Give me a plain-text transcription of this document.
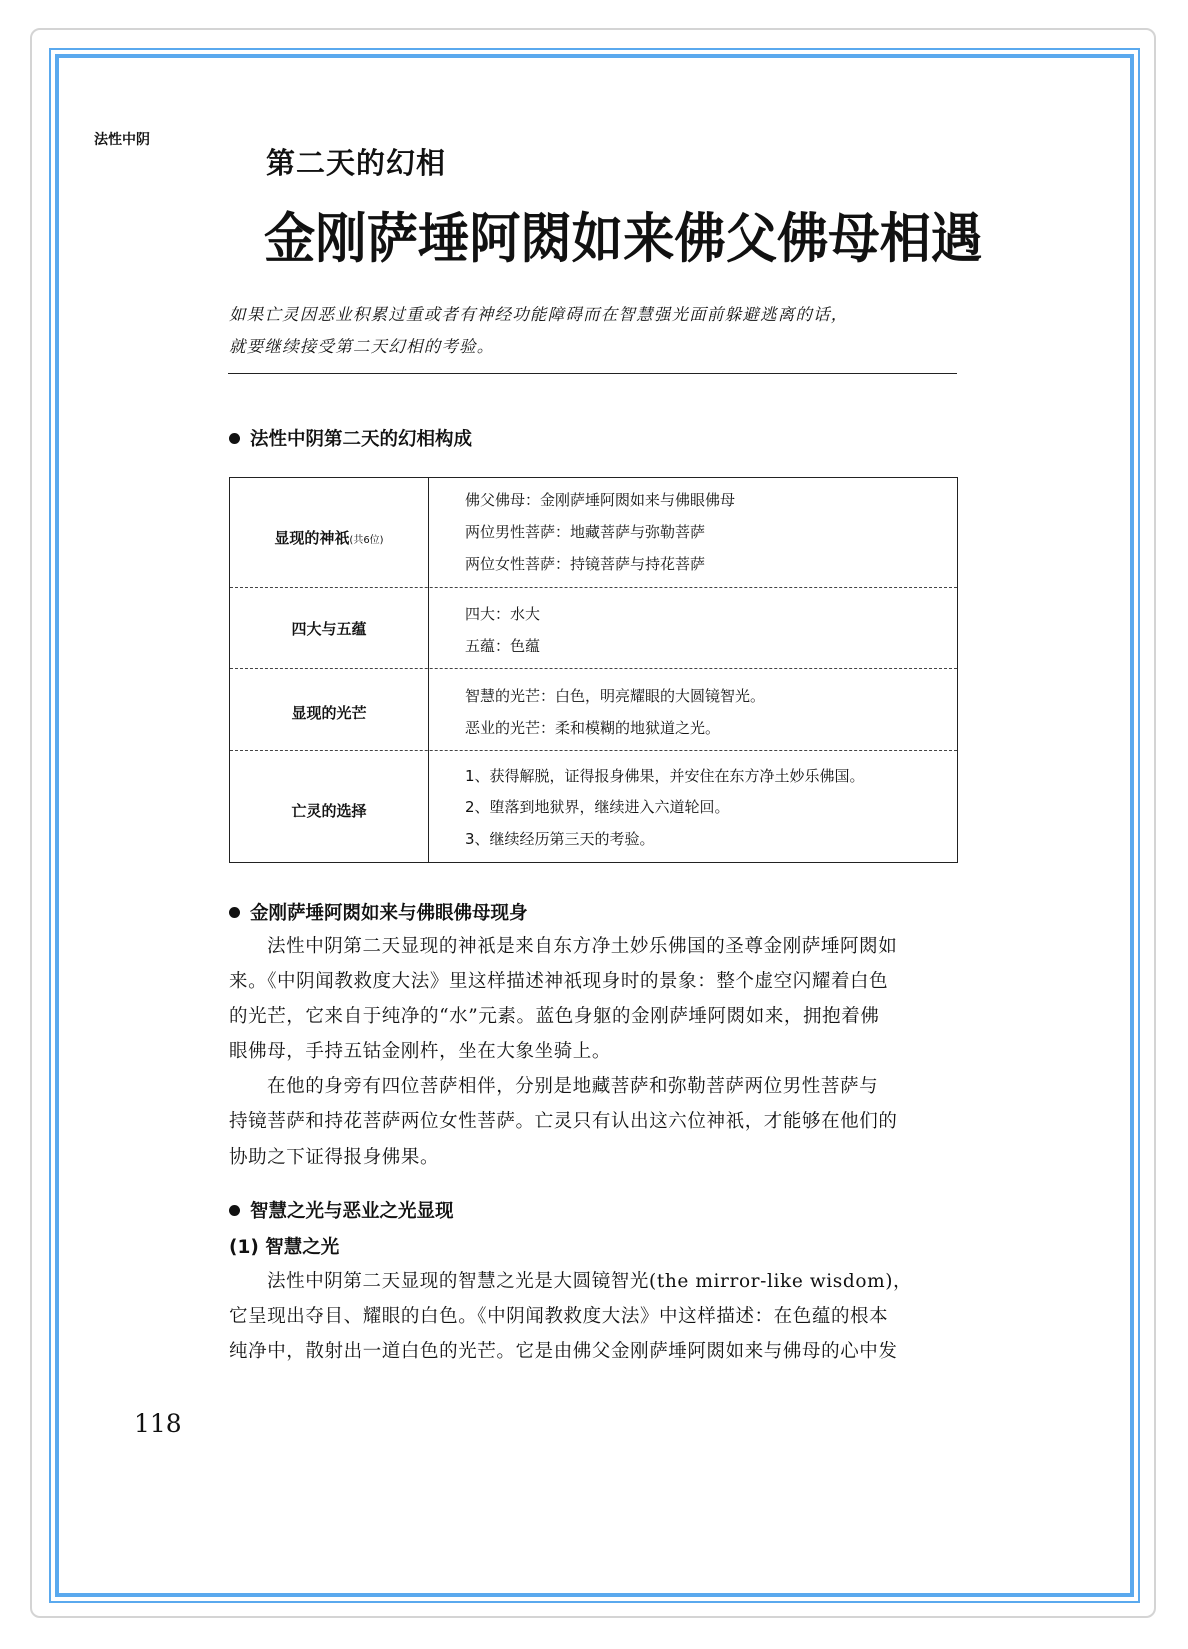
法性中阴
第二天的幻相
金刚萨埵阿閦如来佛父佛母相遇
如果亡灵因恶业积累过重或者有神经功能障碍而在智慧强光面前躲避逃离的话，
就要继续接受第二天幻相的考验。
法性中阴第二天的幻相构成
显现的神祇(共6位)
佛父佛母：金刚萨埵阿閦如来与佛眼佛母
两位男性菩萨：地藏菩萨与弥勒菩萨
两位女性菩萨：持镜菩萨与持花菩萨
四大与五蕴
四大：水大
五蕴：色蕴
显现的光芒
智慧的光芒：白色，明亮耀眼的大圆镜智光。
恶业的光芒：柔和模糊的地狱道之光。
亡灵的选择
1、获得解脱，证得报身佛果，并安住在东方净土妙乐佛国。
2、堕落到地狱界，继续进入六道轮回。
3、继续经历第三天的考验。
金刚萨埵阿閦如来与佛眼佛母现身
法性中阴第二天显现的神祇是来自东方净土妙乐佛国的圣尊金刚萨埵阿閦如
来。《中阴闻教救度大法》里这样描述神祇现身时的景象：整个虚空闪耀着白色
的光芒，它来自于纯净的“水”元素。蓝色身躯的金刚萨埵阿閦如来，拥抱着佛
眼佛母，手持五钴金刚杵，坐在大象坐骑上。
在他的身旁有四位菩萨相伴，分别是地藏菩萨和弥勒菩萨两位男性菩萨与
持镜菩萨和持花菩萨两位女性菩萨。亡灵只有认出这六位神祇，才能够在他们的
协助之下证得报身佛果。
智慧之光与恶业之光显现
(1) 智慧之光
法性中阴第二天显现的智慧之光是大圆镜智光(the mirror-like wisdom)，
它呈现出夺目、耀眼的白色。《中阴闻教救度大法》中这样描述：在色蕴的根本
纯净中，散射出一道白色的光芒。它是由佛父金刚萨埵阿閦如来与佛母的心中发
118
